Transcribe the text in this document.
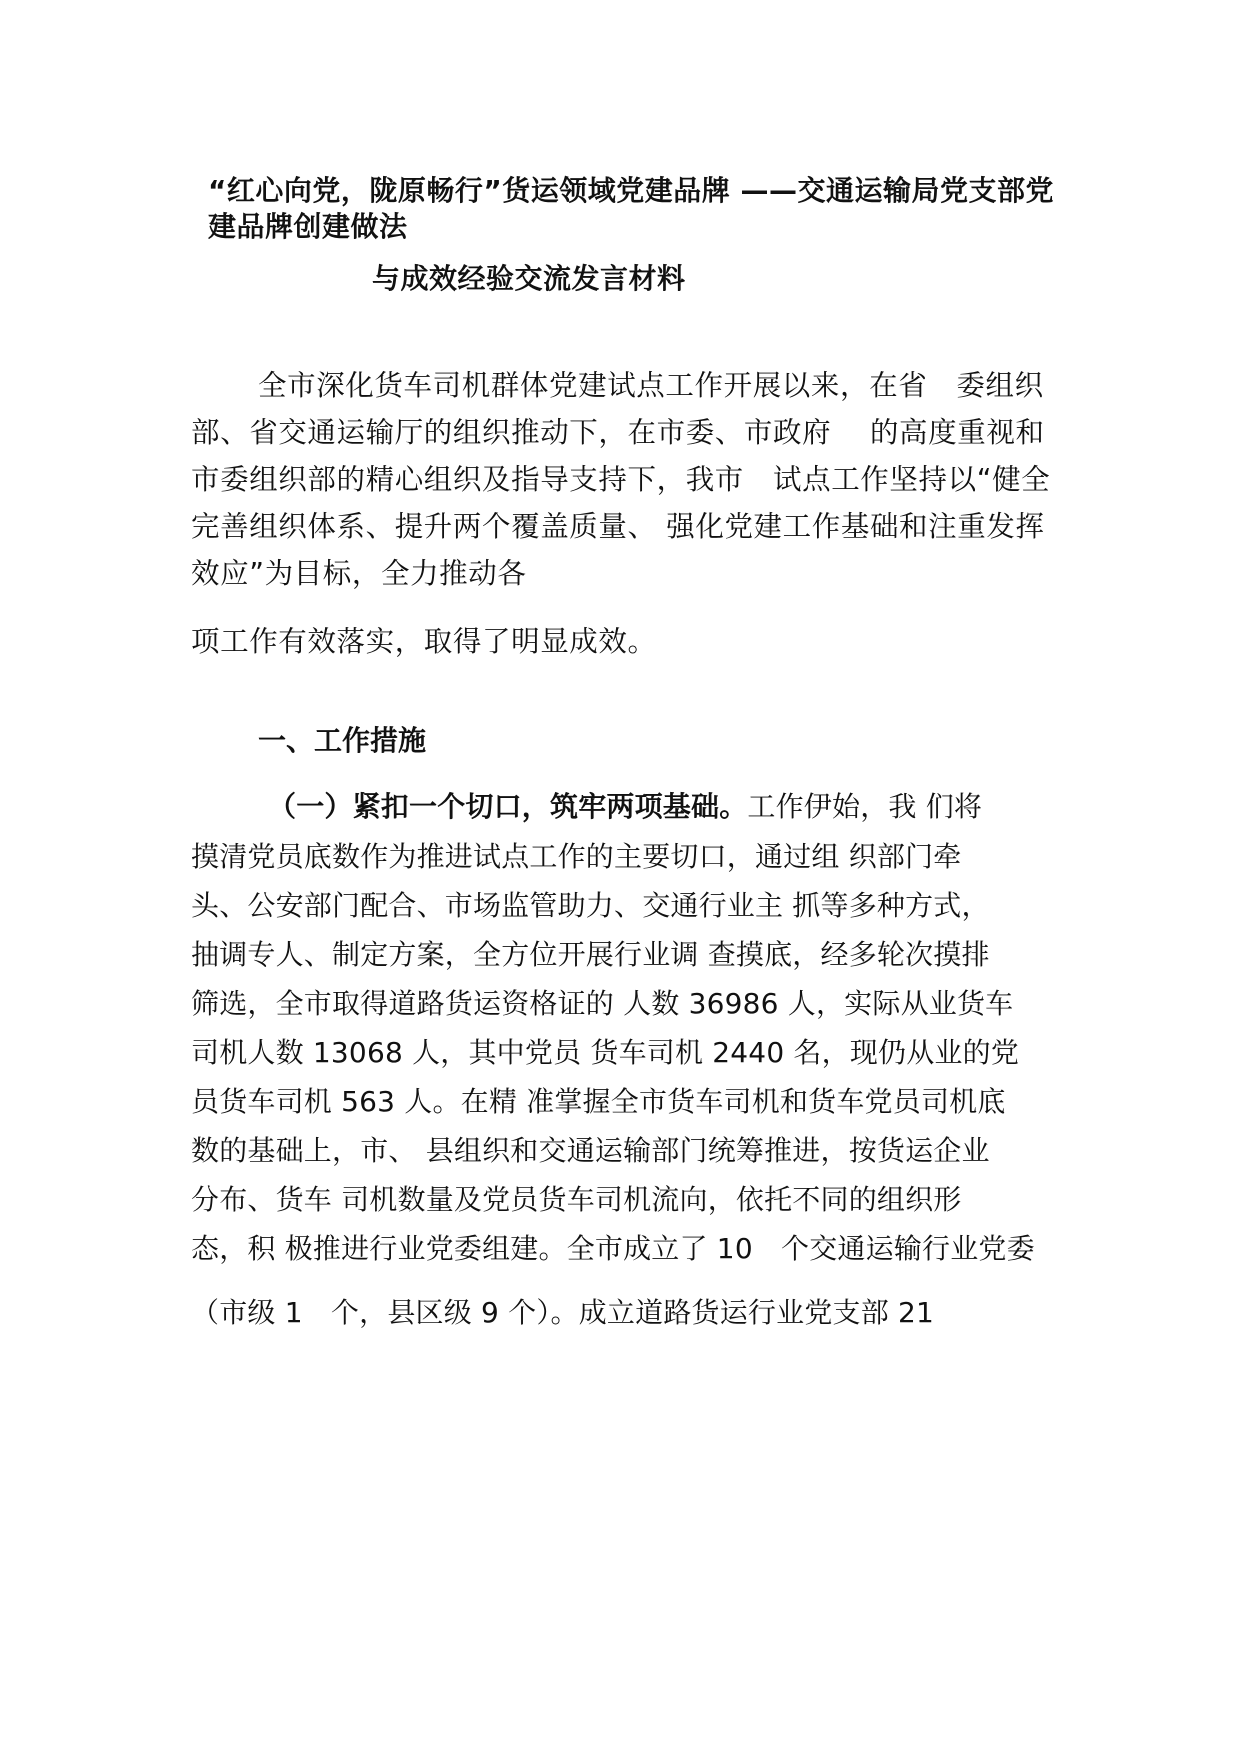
“红心向党，陇原畅行”货运领域党建品牌 ——交通运输局党支部党
建品牌创建做法
与成效经验交流发言材料
全市深化货车司机群体党建试点工作开展以来，在省　委组织
部、省交通运输厅的组织推动下，在市委、市政府　 的高度重视和
市委组织部的精心组织及指导支持下，我市　试点工作坚持以“健全
完善组织体系、提升两个覆盖质量、 强化党建工作基础和注重发挥
效应”为目标，全力推动各
项工作有效落实，取得了明显成效。
一、工作措施
（一）紧扣一个切口，筑牢两项基础。工作伊始，我 们将
摸清党员底数作为推进试点工作的主要切口，通过组 织部门牵
头、公安部门配合、市场监管助力、交通行业主 抓等多种方式，
抽调专人、制定方案，全方位开展行业调 查摸底，经多轮次摸排
筛选，全市取得道路货运资格证的 人数 36986 人，实际从业货车
司机人数 13068 人，其中党员 货车司机 2440 名，现仍从业的党
员货车司机 563 人。在精 准掌握全市货车司机和货车党员司机底
数的基础上，市、 县组织和交通运输部门统筹推进，按货运企业
分布、货车 司机数量及党员货车司机流向，依托不同的组织形
态，积 极推进行业党委组建。全市成立了 10　个交通运输行业党委
（市级 1　个，县区级 9 个）。成立道路货运行业党支部 21
